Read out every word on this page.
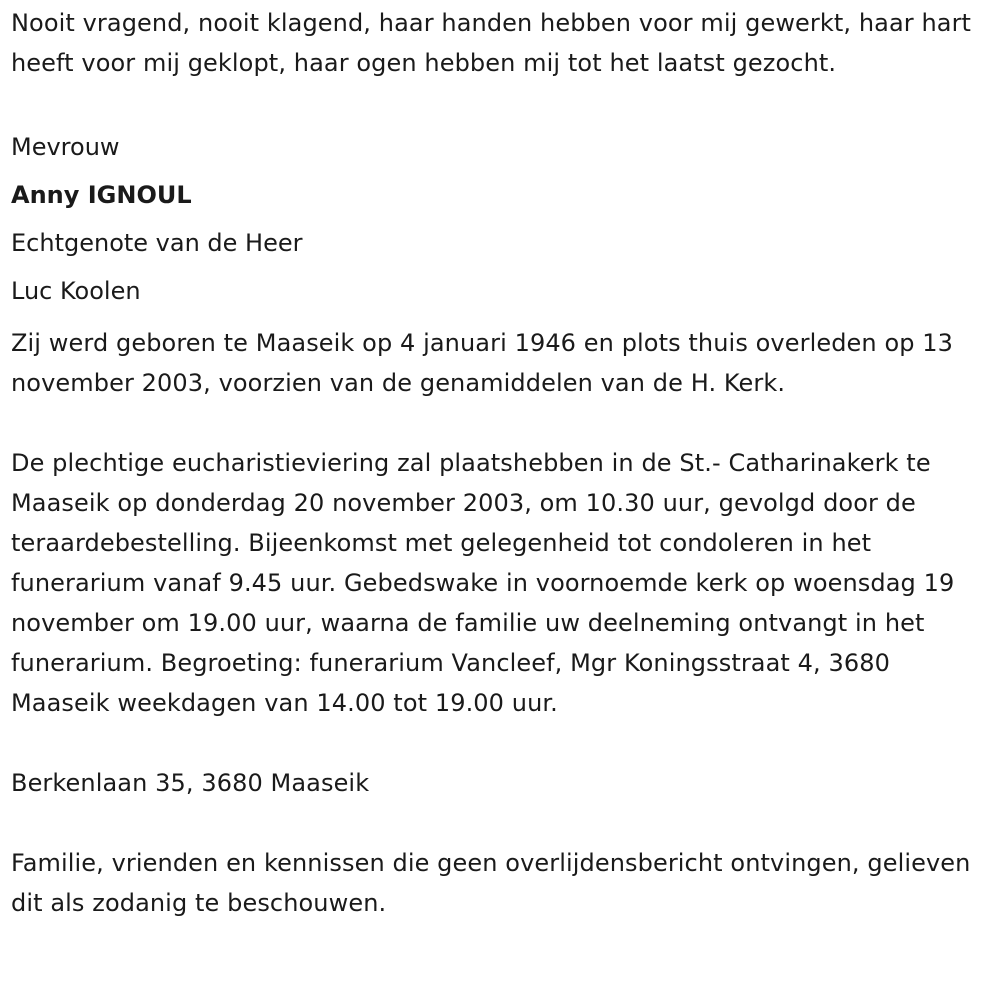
Nooit vragend, nooit klagend, haar handen hebben voor mij gewerkt, haar hart heeft voor mij geklopt, haar ogen hebben mij tot het laatst gezocht.

Mevrouw

Anny IGNOUL

Echtgenote van de Heer

Luc Koolen

Zij werd geboren te Maaseik op 4 januari 1946 en plots thuis overleden op 13 november 2003, voorzien van de genamiddelen van de H. Kerk.

De plechtige eucharistieviering zal plaatshebben in de St.- Catharinakerk te Maaseik op donderdag 20 november 2003, om 10.30 uur, gevolgd door de teraardebestelling. Bijeenkomst met gelegenheid tot condoleren in het funerarium vanaf 9.45 uur. Gebedswake in voornoemde kerk op woensdag 19 november om 19.00 uur, waarna de familie uw deelneming ontvangt in het funerarium. Begroeting: funerarium Vancleef, Mgr Koningsstraat 4, 3680 Maaseik weekdagen van 14.00 tot 19.00 uur.

Berkenlaan 35, 3680 Maaseik

Familie, vrienden en kennissen die geen overlijdensbericht ontvingen, gelieven dit als zodanig te beschouwen.
